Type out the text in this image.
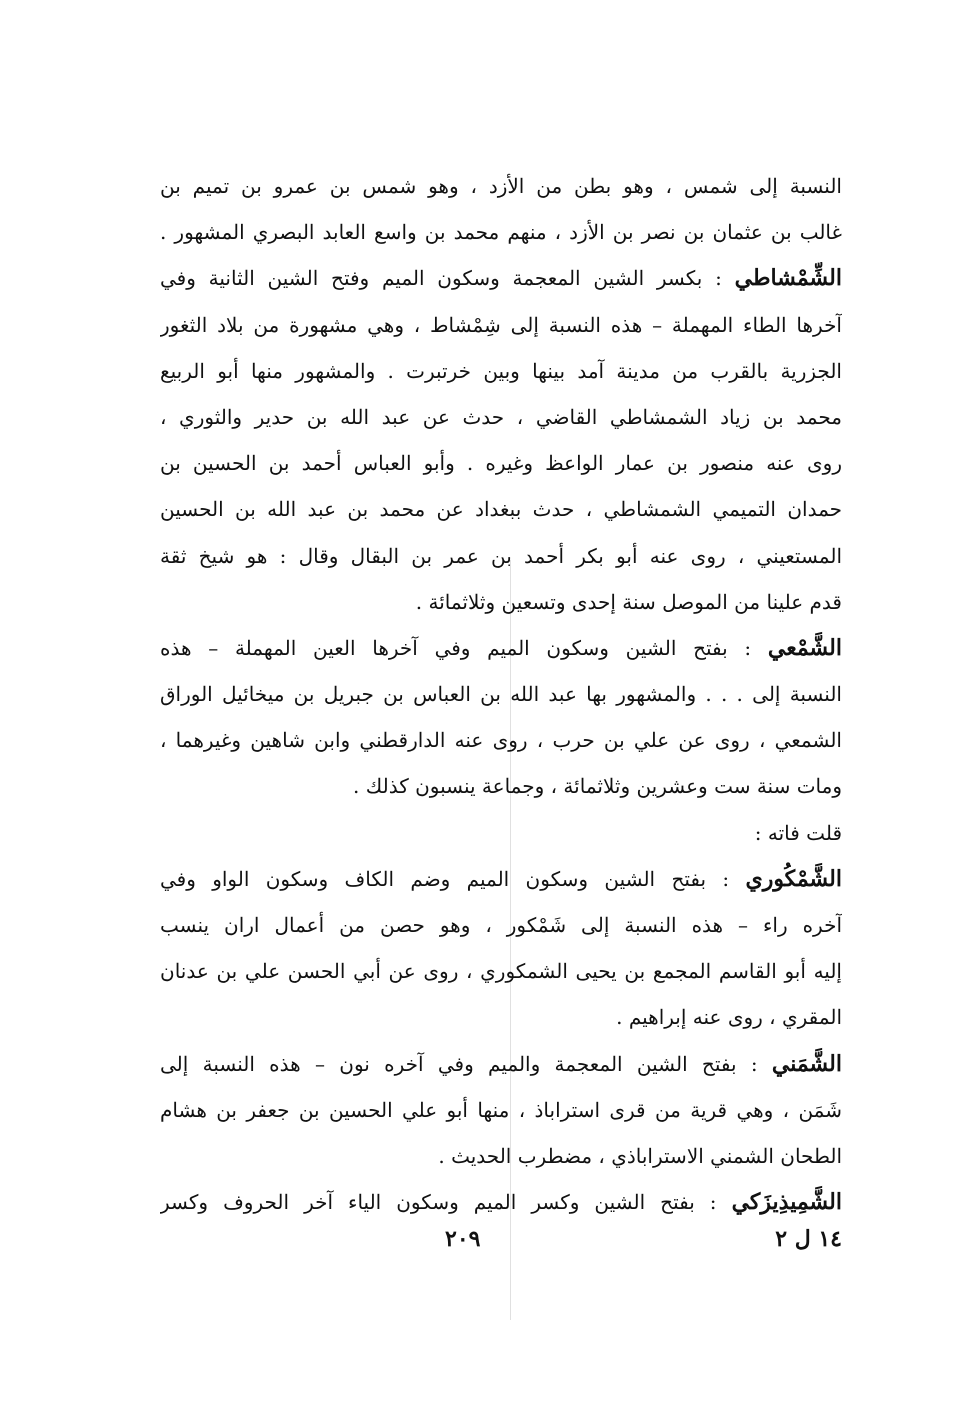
النسبة إلى شمس ، وهو بطن من الأزد ، وهو شمس بن عمرو بن تميم بن
غالب بن عثمان بن نصر بن الأزد ، منهم محمد بن واسع العابد البصري المشهور .
الشِّمْشاطي : بكسر الشين المعجمة وسكون الميم وفتح الشين الثانية وفي
آخرها الطاء المهملة – هذه النسبة إلى شِمْشاط ، وهي مشهورة من بلاد الثغور
الجزرية بالقرب من مدينة آمد بينها وبين خرتبرت . والمشهور منها أبو الربيع
محمد بن زياد الشمشاطي القاضي ، حدث عن عبد الله بن حدير والثوري ،
روى عنه منصور بن عمار الواعظ وغيره . وأبو العباس أحمد بن الحسين بن
حمدان التميمي الشمشاطي ، حدث ببغداد عن محمد بن عبد الله بن الحسين
المستعيني ، روى عنه أبو بكر أحمد بن عمر بن البقال وقال : هو شيخ ثقة
قدم علينا من الموصل سنة إحدى وتسعين وثلاثمائة .
الشَّمْعي : بفتح الشين وسكون الميم وفي آخرها العين المهملة – هذه
النسبة إلى . . . والمشهور بها عبد الله بن العباس بن جبريل بن ميخائيل الوراق
الشمعي ، روى عن علي بن حرب ، روى عنه الدارقطني وابن شاهين وغيرهما ،
ومات سنة ست وعشرين وثلاثمائة ، وجماعة ينسبون كذلك .
قلت فاته :
الشَّمْكُوري : بفتح الشين وسكون الميم وضم الكاف وسكون الواو وفي
آخره راء – هذه النسبة إلى شَمْكور ، وهو حصن من أعمال اران ينسب
إليه أبو القاسم المجمع بن يحيى الشمكوري ، روى عن أبي الحسن علي بن عدنان
المقري ، روى عنه إبراهيم .
الشَّمَني : بفتح الشين المعجمة والميم وفي آخره نون – هذه النسبة إلى
شَمَن ، وهي قرية من قرى استراباذ ، منها أبو علي الحسين بن جعفر بن هشام
الطحان الشمني الاستراباذي ، مضطرب الحديث .
الشَّمِيذِيزَكي : بفتح الشين وكسر الميم وسكون الياء آخر الحروف وكسر
١٤ ل ٢
٢٠٩
